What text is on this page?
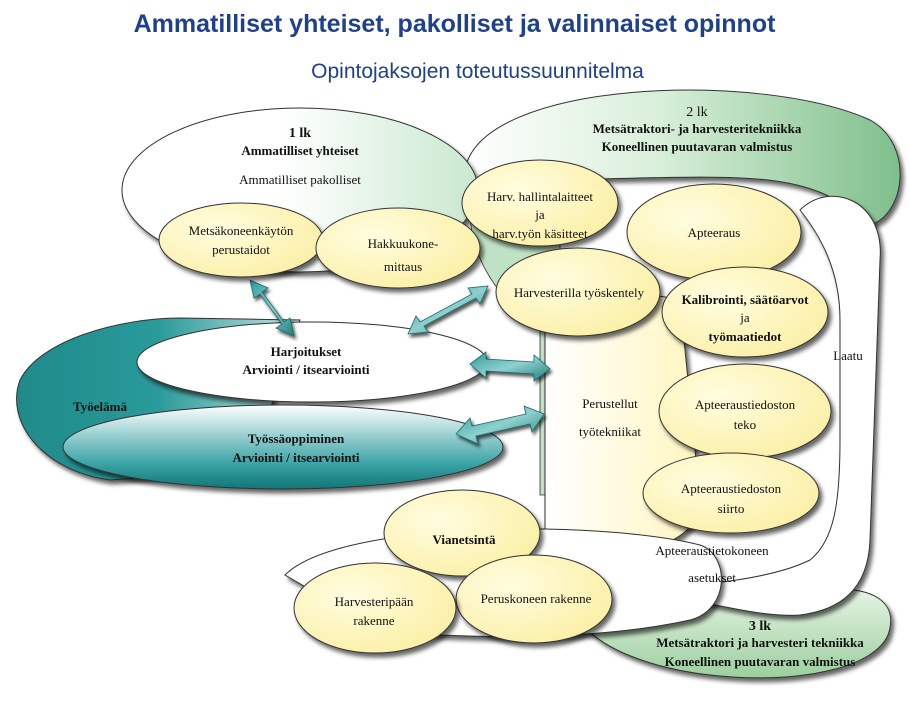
Ammatilliset yhteiset, pakolliset ja valinnaiset opinnot
Opintojaksojen toteutussuunnitelma
1 lk
Ammatilliset yhteiset
Ammatilliset pakolliset
2 lk
Metsätraktori- ja harvesteritekniikka
Koneellinen puutavaran valmistus
3 lk
Metsätraktori ja harvesteri tekniikka
Koneellinen puutavaran valmistus
Työelämä
Laatu
Harjoitukset
Arviointi / itsearviointi
Työssäoppiminen
Arviointi / itsearviointi
Perustellut
työtekniikat
Metsäkoneenkäytön
perustaidot	Hakkuukone-
mittaus
Harv. hallintalaitteet
ja
harv.työn käsitteet	Apteeraus
Harvesterilla työskentely	Kalibrointi, säätöarvot
ja
työmaatiedot
Apteeraustiedoston
teko
Apteeraustiedoston
siirto
Apteeraustietokoneen
asetukset
Vianetsintä
Peruskoneen rakenne
Harvesteripään
rakenne
